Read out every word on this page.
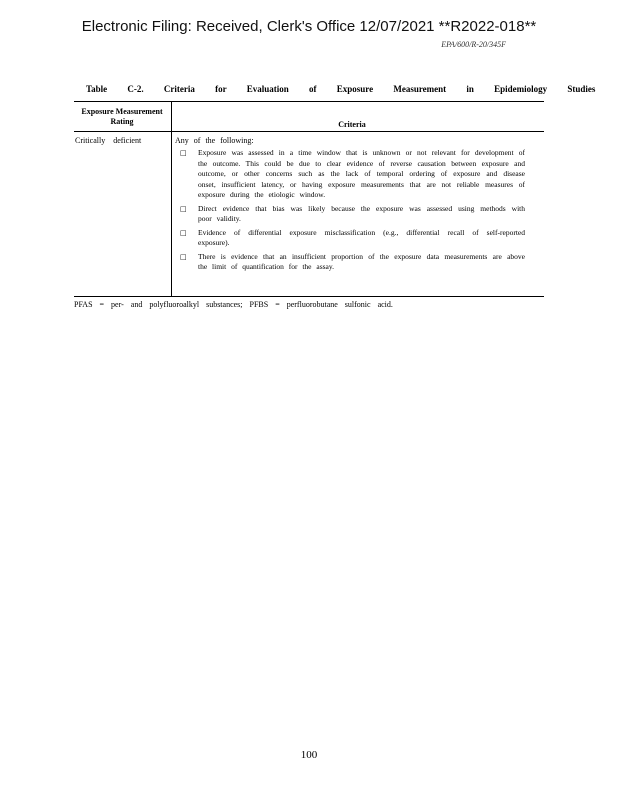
Electronic Filing: Received, Clerk's Office 12/07/2021 **R2022-018**
EPA/600/R-20/345F
Table C-2. Criteria for Evaluation of Exposure Measurement in Epidemiology Studies
Exposure Measurement Rating	Criteria
Critically deficient	Any of the following:
□	Exposure was assessed in a time window that is unknown or not relevant for development of the outcome. This could be due to clear evidence of reverse causation between exposure and outcome, or other concerns such as the lack of temporal ordering of exposure and disease onset, insufficient latency, or having exposure measurements that are not reliable measures of exposure during the etiologic window.
□	Direct evidence that bias was likely because the exposure was assessed using methods with poor validity.
□	Evidence of differential exposure misclassification (e.g., differential recall of self-reported exposure).
□	There is evidence that an insufficient proportion of the exposure data measurements are above the limit of quantification for the assay.
PFAS = per- and polyfluoroalkyl substances; PFBS = perfluorobutane sulfonic acid.
100
